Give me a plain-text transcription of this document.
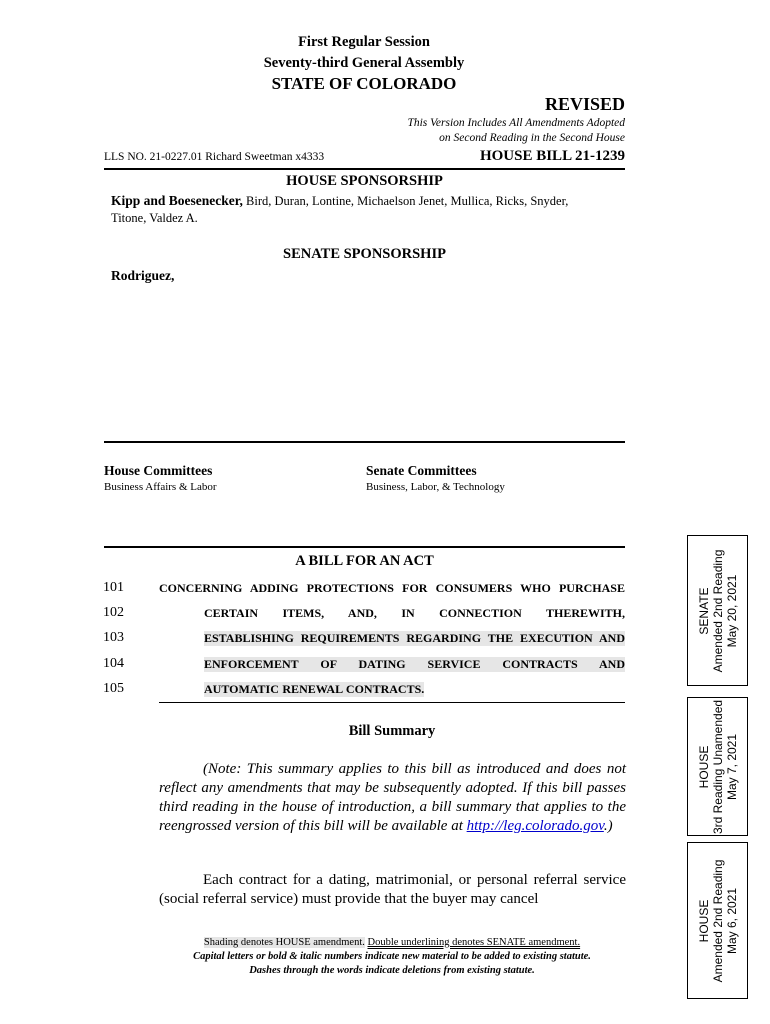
First Regular Session
Seventy-third General Assembly
STATE OF COLORADO
REVISED
This Version Includes All Amendments Adopted
on Second Reading in the Second House
LLS NO. 21-0227.01 Richard Sweetman x4333	HOUSE BILL 21-1239
HOUSE SPONSORSHIP
Kipp and Boesenecker, Bird, Duran, Lontine, Michaelson Jenet, Mullica, Ricks, Snyder,
Titone, Valdez A.
SENATE SPONSORSHIP
Rodriguez,
House Committees
Business Affairs & Labor
Senate Committees
Business, Labor, & Technology
A BILL FOR AN ACT
101	CONCERNING ADDING PROTECTIONS FOR CONSUMERS WHO PURCHASE
102	CERTAIN ITEMS, AND, IN CONNECTION THEREWITH,
103	ESTABLISHING REQUIREMENTS REGARDING THE EXECUTION AND
104	ENFORCEMENT OF DATING SERVICE CONTRACTS AND
105	AUTOMATIC RENEWAL CONTRACTS.
Bill Summary
(Note: This summary applies to this bill as introduced and does not reflect any amendments that may be subsequently adopted. If this bill passes third reading in the house of introduction, a bill summary that applies to the reengrossed version of this bill will be available at http://leg.colorado.gov.)
Each contract for a dating, matrimonial, or personal referral service (social referral service) must provide that the buyer may cancel
Shading denotes HOUSE amendment. Double underlining denotes SENATE amendment.
Capital letters or bold & italic numbers indicate new material to be added to existing statute.
Dashes through the words indicate deletions from existing statute.
SENATE Amended 2nd Reading May 20, 2021
HOUSE 3rd Reading Unamended May 7, 2021
HOUSE Amended 2nd Reading May 6, 2021
